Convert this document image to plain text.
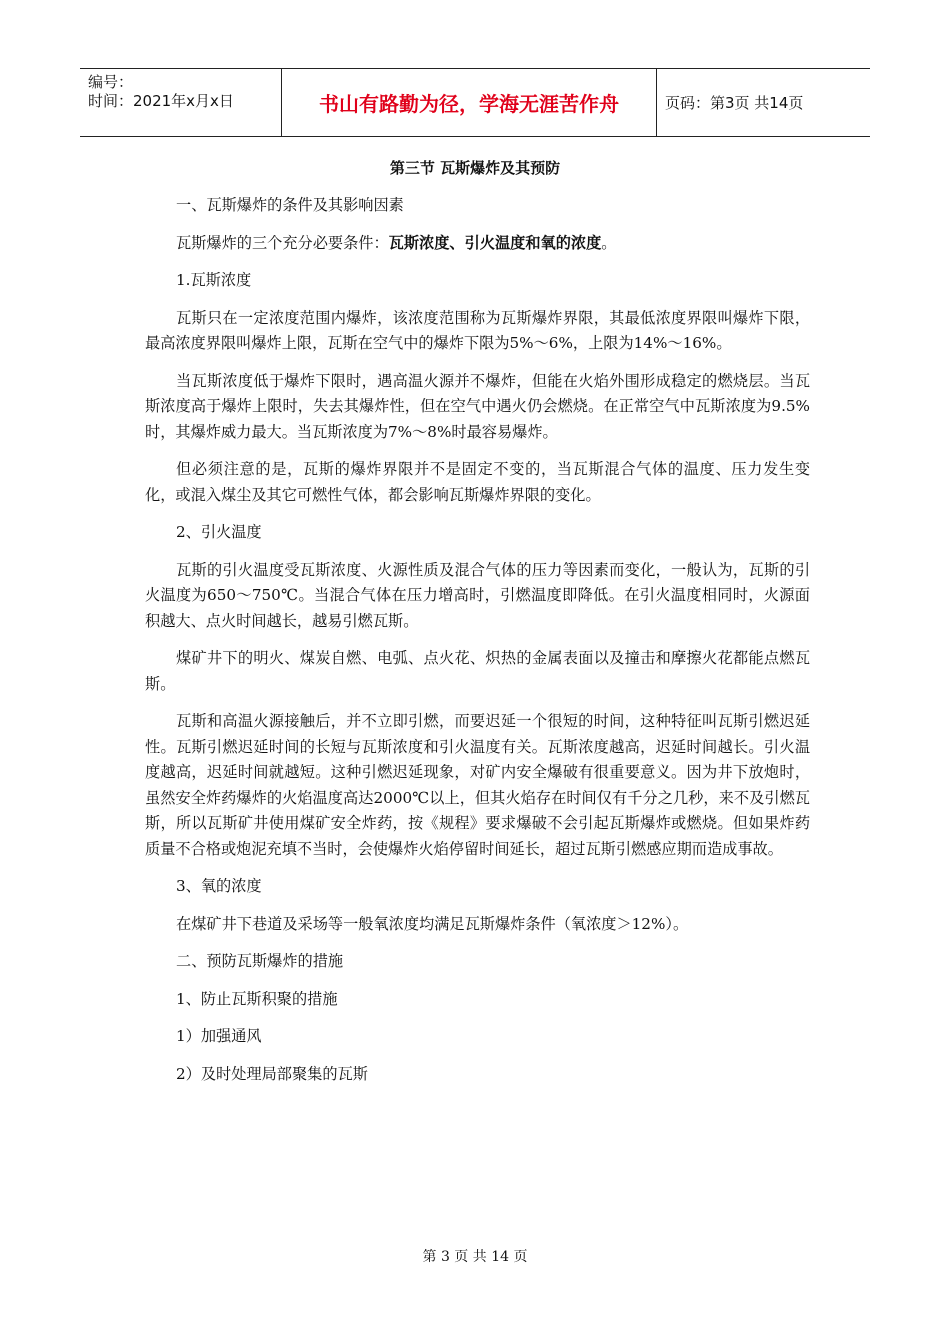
编号：
时间：2021年x月x日	书山有路勤为径，学海无涯苦作舟	页码：第3页 共14页
第三节 瓦斯爆炸及其预防

一、瓦斯爆炸的条件及其影响因素

瓦斯爆炸的三个充分必要条件：瓦斯浓度、引火温度和氧的浓度。

1.瓦斯浓度

瓦斯只在一定浓度范围内爆炸，该浓度范围称为瓦斯爆炸界限，其最低浓度界限叫爆炸下限，最高浓度界限叫爆炸上限，瓦斯在空气中的爆炸下限为5%～6%，上限为14%～16%。

当瓦斯浓度低于爆炸下限时，遇高温火源并不爆炸，但能在火焰外围形成稳定的燃烧层。当瓦斯浓度高于爆炸上限时，失去其爆炸性，但在空气中遇火仍会燃烧。在正常空气中瓦斯浓度为9.5%时，其爆炸威力最大。当瓦斯浓度为7%～8%时最容易爆炸。

但必须注意的是，瓦斯的爆炸界限并不是固定不变的，当瓦斯混合气体的温度、压力发生变化，或混入煤尘及其它可燃性气体，都会影响瓦斯爆炸界限的变化。

2、引火温度

瓦斯的引火温度受瓦斯浓度、火源性质及混合气体的压力等因素而变化，一般认为，瓦斯的引火温度为650～750℃。当混合气体在压力增高时，引燃温度即降低。在引火温度相同时，火源面积越大、点火时间越长，越易引燃瓦斯。

煤矿井下的明火、煤炭自燃、电弧、点火花、炽热的金属表面以及撞击和摩擦火花都能点燃瓦斯。

瓦斯和高温火源接触后，并不立即引燃，而要迟延一个很短的时间，这种特征叫瓦斯引燃迟延性。瓦斯引燃迟延时间的长短与瓦斯浓度和引火温度有关。瓦斯浓度越高，迟延时间越长。引火温度越高，迟延时间就越短。这种引燃迟延现象，对矿内安全爆破有很重要意义。因为井下放炮时，虽然安全炸药爆炸的火焰温度高达2000℃以上，但其火焰存在时间仅有千分之几秒，来不及引燃瓦斯，所以瓦斯矿井使用煤矿安全炸药，按《规程》要求爆破不会引起瓦斯爆炸或燃烧。但如果炸药质量不合格或炮泥充填不当时，会使爆炸火焰停留时间延长，超过瓦斯引燃感应期而造成事故。

3、氧的浓度

在煤矿井下巷道及采场等一般氧浓度均满足瓦斯爆炸条件（氧浓度＞12%）。

二、预防瓦斯爆炸的措施

1、防止瓦斯积聚的措施

1）加强通风

2）及时处理局部聚集的瓦斯

第 3 页 共 14 页
